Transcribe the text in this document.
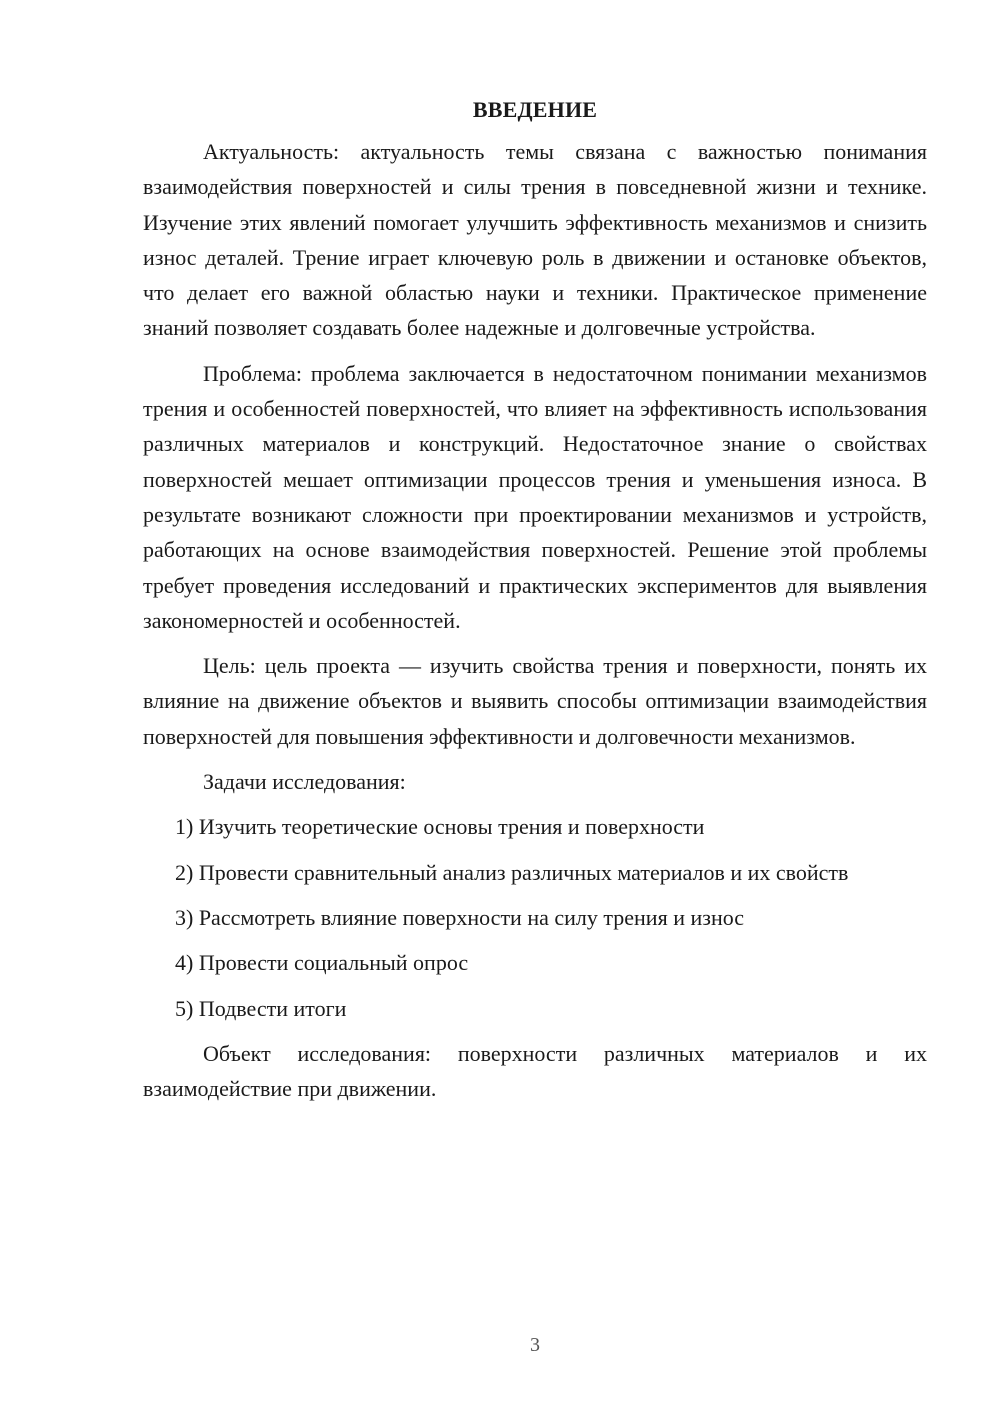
ВВЕДЕНИЕ

Актуальность: актуальность темы связана с важностью понимания взаимодействия поверхностей и силы трения в повседневной жизни и технике. Изучение этих явлений помогает улучшить эффективность механизмов и снизить износ деталей. Трение играет ключевую роль в движении и остановке объектов, что делает его важной областью науки и техники. Практическое применение знаний позволяет создавать более надежные и долговечные устройства.

Проблема: проблема заключается в недостаточном понимании механизмов трения и особенностей поверхностей, что влияет на эффективность использования различных материалов и конструкций. Недостаточное знание о свойствах поверхностей мешает оптимизации процессов трения и уменьшения износа. В результате возникают сложности при проектировании механизмов и устройств, работающих на основе взаимодействия поверхностей. Решение этой проблемы требует проведения исследований и практических экспериментов для выявления закономерностей и особенностей.

Цель: цель проекта — изучить свойства трения и поверхности, понять их влияние на движение объектов и выявить способы оптимизации взаимодействия поверхностей для повышения эффективности и долговечности механизмов.

Задачи исследования:

1) Изучить теоретические основы трения и поверхности

2) Провести сравнительный анализ различных материалов и их свойств

3) Рассмотреть влияние поверхности на силу трения и износ

4) Провести социальный опрос

5) Подвести итоги

Объект исследования: поверхности различных материалов и их взаимодействие при движении.

3
